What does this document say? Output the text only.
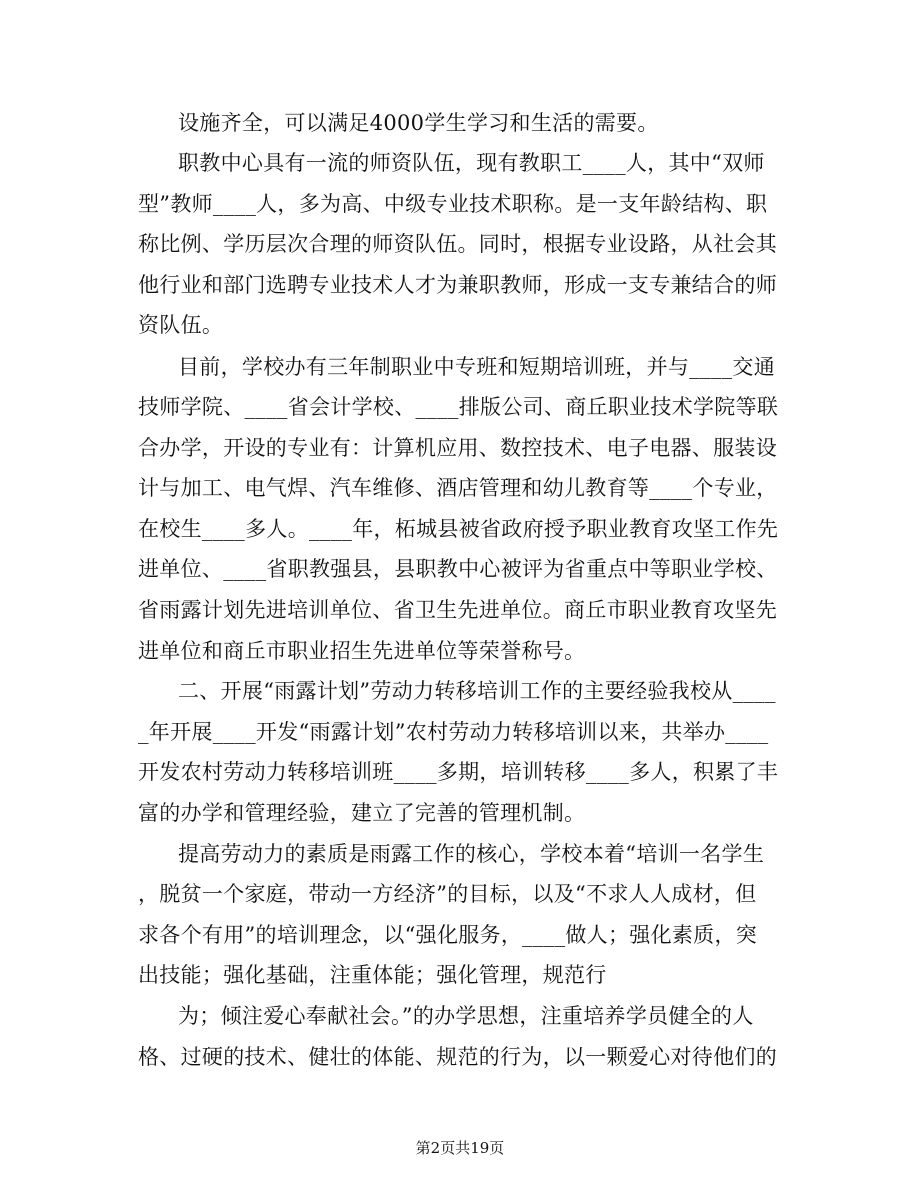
设施齐全，可以满足4000学生学习和生活的需要。
职教中心具有一流的师资队伍，现有教职工____人，其中“双师
型”教师____人，多为高、中级专业技术职称。是一支年龄结构、职
称比例、学历层次合理的师资队伍。同时，根据专业设路，从社会其
他行业和部门选聘专业技术人才为兼职教师，形成一支专兼结合的师
资队伍。
目前，学校办有三年制职业中专班和短期培训班，并与____交通
技师学院、____省会计学校、____排版公司、商丘职业技术学院等联
合办学，开设的专业有：计算机应用、数控技术、电子电器、服装设
计与加工、电气焊、汽车维修、酒店管理和幼儿教育等____个专业，
在校生____多人。____年，柘城县被省政府授予职业教育攻坚工作先
进单位、____省职教强县，县职教中心被评为省重点中等职业学校、
省雨露计划先进培训单位、省卫生先进单位。商丘市职业教育攻坚先
进单位和商丘市职业招生先进单位等荣誉称号。
二、开展“雨露计划”劳动力转移培训工作的主要经验我校从____
_年开展____开发“雨露计划”农村劳动力转移培训以来，共举办____
开发农村劳动力转移培训班____多期，培训转移____多人，积累了丰
富的办学和管理经验，建立了完善的管理机制。
提高劳动力的素质是雨露工作的核心，学校本着“培训一名学生
，脱贫一个家庭，带动一方经济”的目标，以及“不求人人成材，但
求各个有用”的培训理念，以“强化服务，____做人；强化素质，突
出技能；强化基础，注重体能；强化管理，规范行
为；倾注爱心奉献社会。”的办学思想，注重培养学员健全的人
格、过硬的技术、健壮的体能、规范的行为，以一颗爱心对待他们的
第2页共19页
